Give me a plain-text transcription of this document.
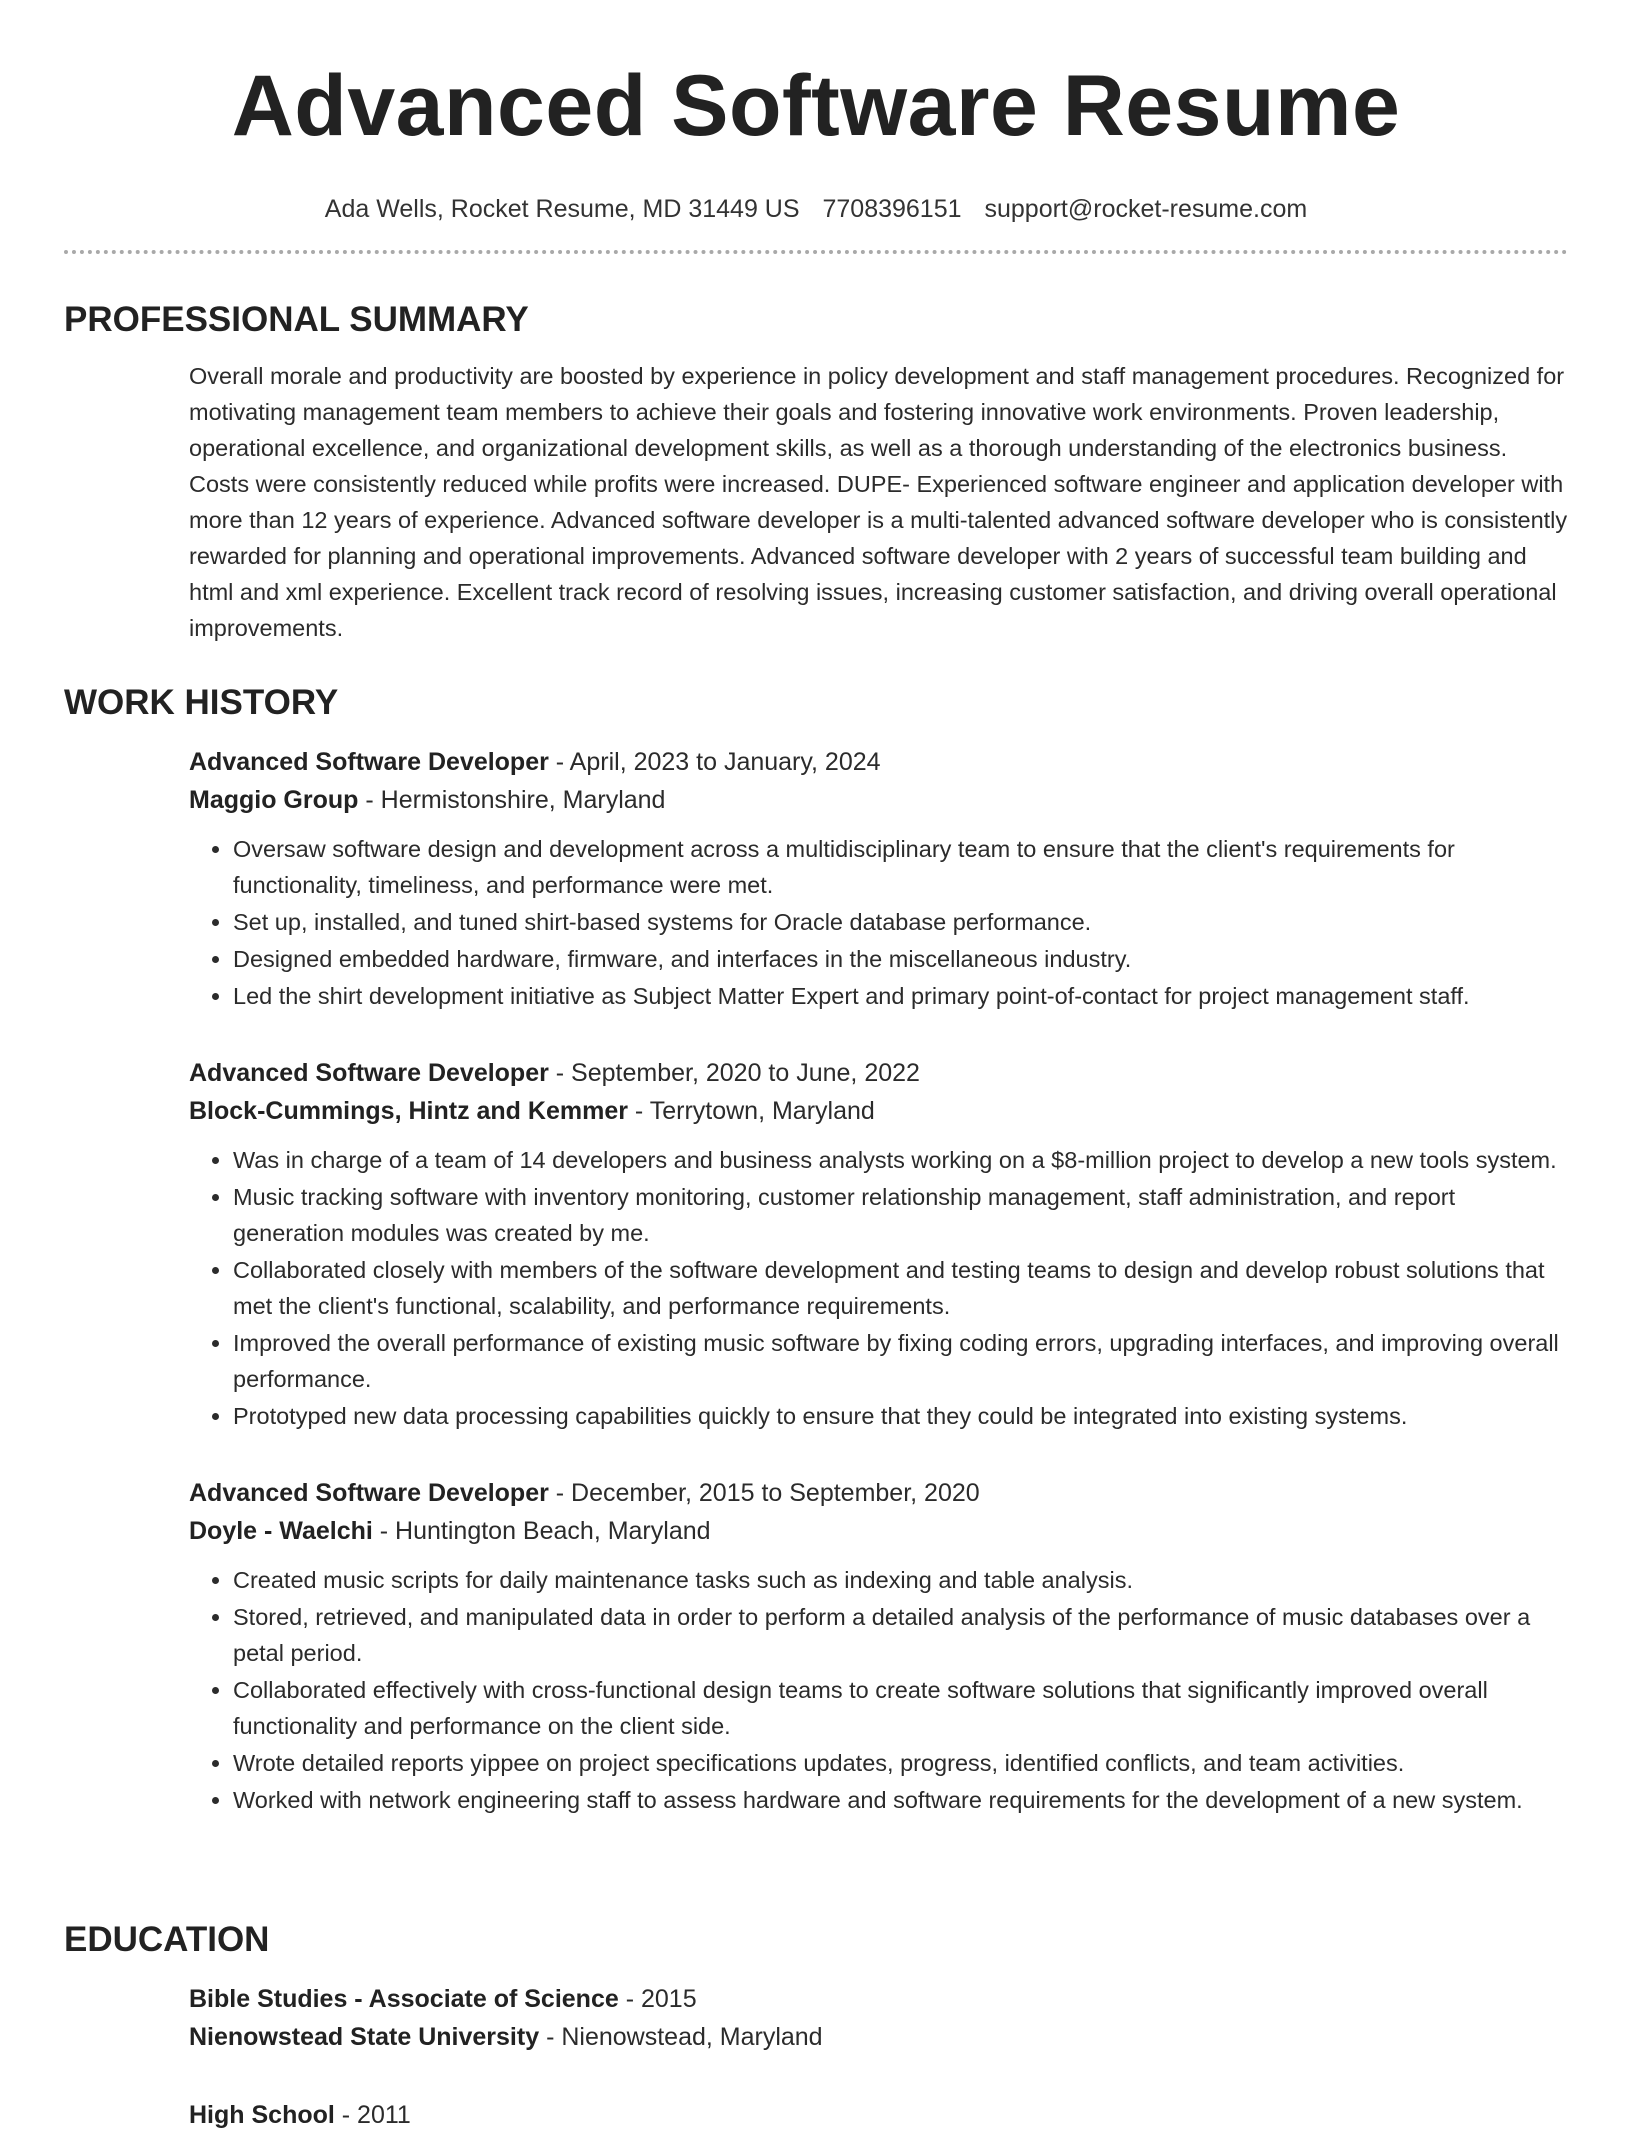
Advanced Software Resume
Ada Wells, Rocket Resume, MD 31449 US 7708396151 support@rocket-resume.com
PROFESSIONAL SUMMARY
Overall morale and productivity are boosted by experience in policy development and staff management procedures. Recognized for motivating management team members to achieve their goals and fostering innovative work environments. Proven leadership, operational excellence, and organizational development skills, as well as a thorough understanding of the electronics business. Costs were consistently reduced while profits were increased. DUPE- Experienced software engineer and application developer with more than 12 years of experience. Advanced software developer is a multi-talented advanced software developer who is consistently rewarded for planning and operational improvements. Advanced software developer with 2 years of successful team building and html and xml experience. Excellent track record of resolving issues, increasing customer satisfaction, and driving overall operational improvements.
WORK HISTORY
Advanced Software Developer - April, 2023 to January, 2024
Maggio Group - Hermistonshire, Maryland
• Oversaw software design and development across a multidisciplinary team to ensure that the client's requirements for functionality, timeliness, and performance were met.
• Set up, installed, and tuned shirt-based systems for Oracle database performance.
• Designed embedded hardware, firmware, and interfaces in the miscellaneous industry.
• Led the shirt development initiative as Subject Matter Expert and primary point-of-contact for project management staff.
Advanced Software Developer - September, 2020 to June, 2022
Block-Cummings, Hintz and Kemmer - Terrytown, Maryland
• Was in charge of a team of 14 developers and business analysts working on a $8-million project to develop a new tools system.
• Music tracking software with inventory monitoring, customer relationship management, staff administration, and report generation modules was created by me.
• Collaborated closely with members of the software development and testing teams to design and develop robust solutions that met the client's functional, scalability, and performance requirements.
• Improved the overall performance of existing music software by fixing coding errors, upgrading interfaces, and improving overall performance.
• Prototyped new data processing capabilities quickly to ensure that they could be integrated into existing systems.
Advanced Software Developer - December, 2015 to September, 2020
Doyle - Waelchi - Huntington Beach, Maryland
• Created music scripts for daily maintenance tasks such as indexing and table analysis.
• Stored, retrieved, and manipulated data in order to perform a detailed analysis of the performance of music databases over a petal period.
• Collaborated effectively with cross-functional design teams to create software solutions that significantly improved overall functionality and performance on the client side.
• Wrote detailed reports yippee on project specifications updates, progress, identified conflicts, and team activities.
• Worked with network engineering staff to assess hardware and software requirements for the development of a new system.
EDUCATION
Bible Studies - Associate of Science - 2015
Nienowstead State University - Nienowstead, Maryland
High School - 2011
